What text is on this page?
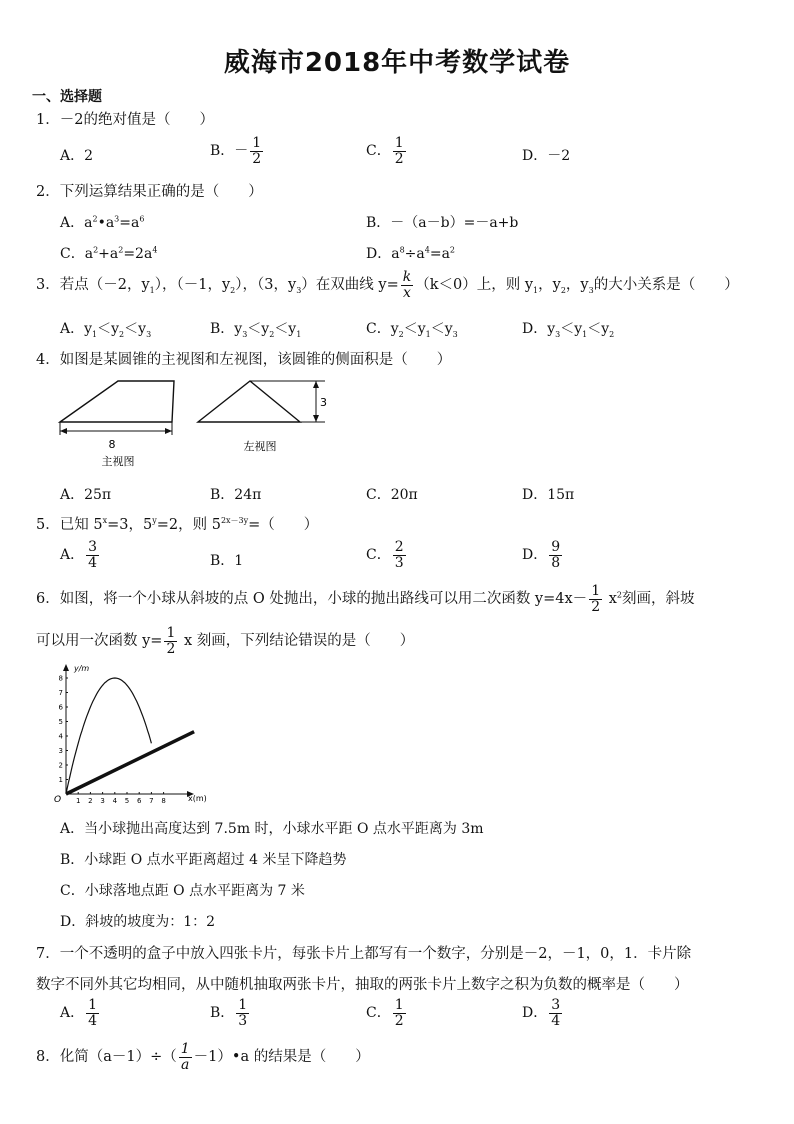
威海市2018年中考数学试卷
一、选择题
1．－2的绝对值是（　　）
A．2	B．－ $\frac{1}{2}$	C． $\frac{1}{2}$	D．－2
2．下列运算结果正确的是（　　）
A．$a^2•a^3=a^6$	B．－（a－b）=－a+b
C．$a^2+a^2=2a^4$	D．$a^8\div a^4=a^2$
3．若点（－2，$y_1$），（－1，$y_2$），（3，$y_3$）在双曲线 $y= \frac{k}{x} (k<0)$上，则 $y_1$，$y_2$，$y_3$的大小关系是（　　）
A．$y_1<y_2<y_3$	B．$y_3<y_2<y_1$	C．$y_2<y_1<y_3$	D．$y_3<y_1<y_2$
4．如图是某圆锥的主视图和左视图，该圆锥的侧面积是（　　）
8
主视图
3
左视图
A．25π	B．24π	C．20π	D．15π
5．已知 $5^x=3$，$5^y=2$，则 $5^{2x-3y}=$（　　）
A． $\frac{3}{4}$	B．1	C． $\frac{2}{3}$	D． $\frac{9}{8}$
6．如图，将一个小球从斜坡的点 O 处抛出，小球的抛出路线可以用二次函数 $y=4x- \frac{1}{2} x^2$刻画，斜坡
可以用一次函数 $y= \frac{1}{2}$ x 刻画，下列结论错误的是（　　）
y/m
x(m)
O 1 2 3 4 5 6 7 8
1
2
3
4
5
6
7
8
A．当小球抛出高度达到 7.5m 时，小球水平距 O 点水平距离为 3m
B．小球距 O 点水平距离超过 4 米呈下降趋势
C．小球落地点距 O 点水平距离为 7 米
D．斜坡的坡度为：1：2
7．一个不透明的盒子中放入四张卡片，每张卡片上都写有一个数字，分别是－2，－1，0，1．卡片除
数字不同外其它均相同，从中随机抽取两张卡片，抽取的两张卡片上数字之积为负数的概率是（　　）
A． $\frac{1}{4}$	B． $\frac{1}{3}$	C． $\frac{1}{2}$	D． $\frac{3}{4}$
8．化简$(a-1)\div( \frac{1}{a}$ －1）•a 的结果是（　　）
